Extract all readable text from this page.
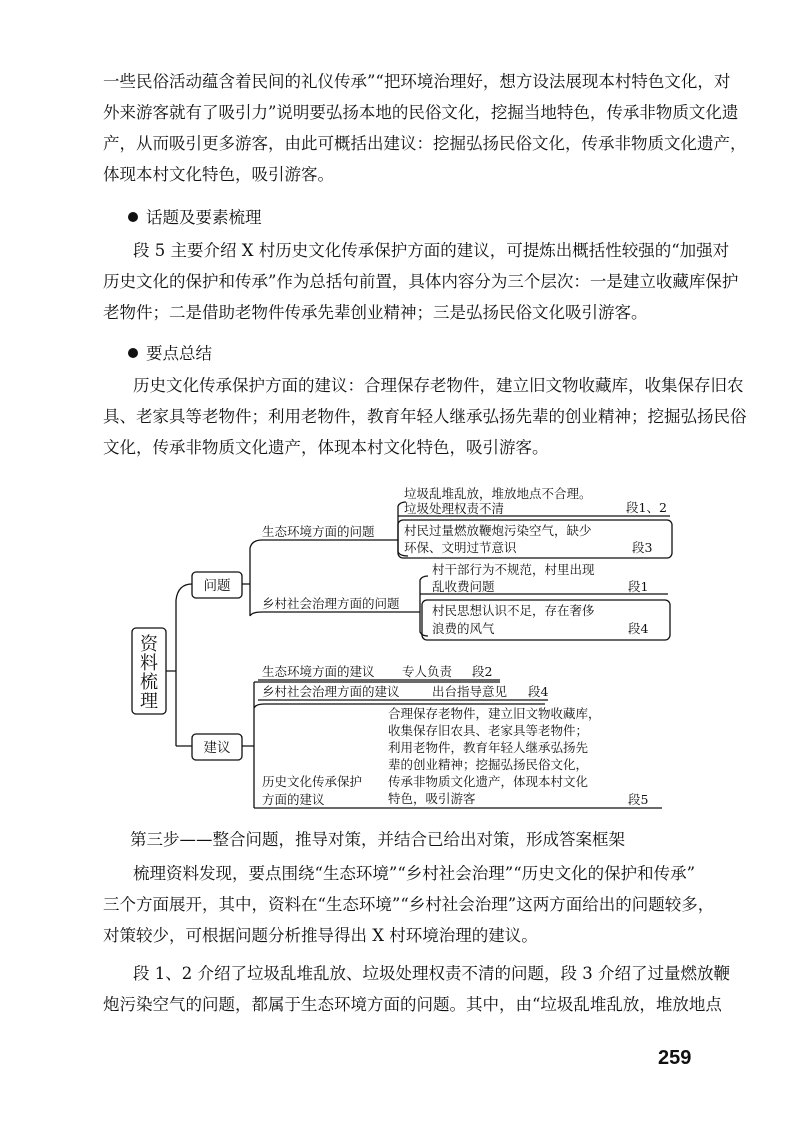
一些民俗活动蕴含着民间的礼仪传承”“把环境治理好，想方设法展现本村特色文化，对
外来游客就有了吸引力”说明要弘扬本地的民俗文化，挖掘当地特色，传承非物质文化遗
产，从而吸引更多游客，由此可概括出建议：挖掘弘扬民俗文化，传承非物质文化遗产，
体现本村文化特色，吸引游客。
话题及要素梳理
段 5 主要介绍 X 村历史文化传承保护方面的建议，可提炼出概括性较强的“加强对
历史文化的保护和传承”作为总括句前置，具体内容分为三个层次：一是建立收藏库保护
老物件；二是借助老物件传承先辈创业精神；三是弘扬民俗文化吸引游客。
要点总结
历史文化传承保护方面的建议：合理保存老物件，建立旧文物收藏库，收集保存旧农
具、老家具等老物件；利用老物件，教育年轻人继承弘扬先辈的创业精神；挖掘弘扬民俗
文化，传承非物质文化遗产，体现本村文化特色，吸引游客。
资
料
梳
理
问题
建议
生态环境方面的问题
垃圾乱堆乱放，堆放地点不合理。
垃圾处理权责不清	段1、2
村民过量燃放鞭炮污染空气，缺少
环保、文明过节意识	段3
乡村社会治理方面的问题
村干部行为不规范，村里出现
乱收费问题	段1
村民思想认识不足，存在奢侈
浪费的风气	段4
生态环境方面的建议 专人负责 段2
乡村社会治理方面的建议	出台指导意见 段4
历史文化传承保护
方面的建议
合理保存老物件，建立旧文物收藏库，
收集保存旧农具、老家具等老物件；
利用老物件，教育年轻人继承弘扬先
辈的创业精神；挖掘弘扬民俗文化，
传承非物质文化遗产，体现本村文化
特色，吸引游客	段5
第三步——整合问题，推导对策，并结合已给出对策，形成答案框架
梳理资料发现，要点围绕“生态环境”“乡村社会治理”“历史文化的保护和传承”
三个方面展开，其中，资料在“生态环境”“乡村社会治理”这两方面给出的问题较多，
对策较少，可根据问题分析推导得出 X 村环境治理的建议。
段 1、2 介绍了垃圾乱堆乱放、垃圾处理权责不清的问题，段 3 介绍了过量燃放鞭
炮污染空气的问题，都属于生态环境方面的问题。其中，由“垃圾乱堆乱放，堆放地点
259
